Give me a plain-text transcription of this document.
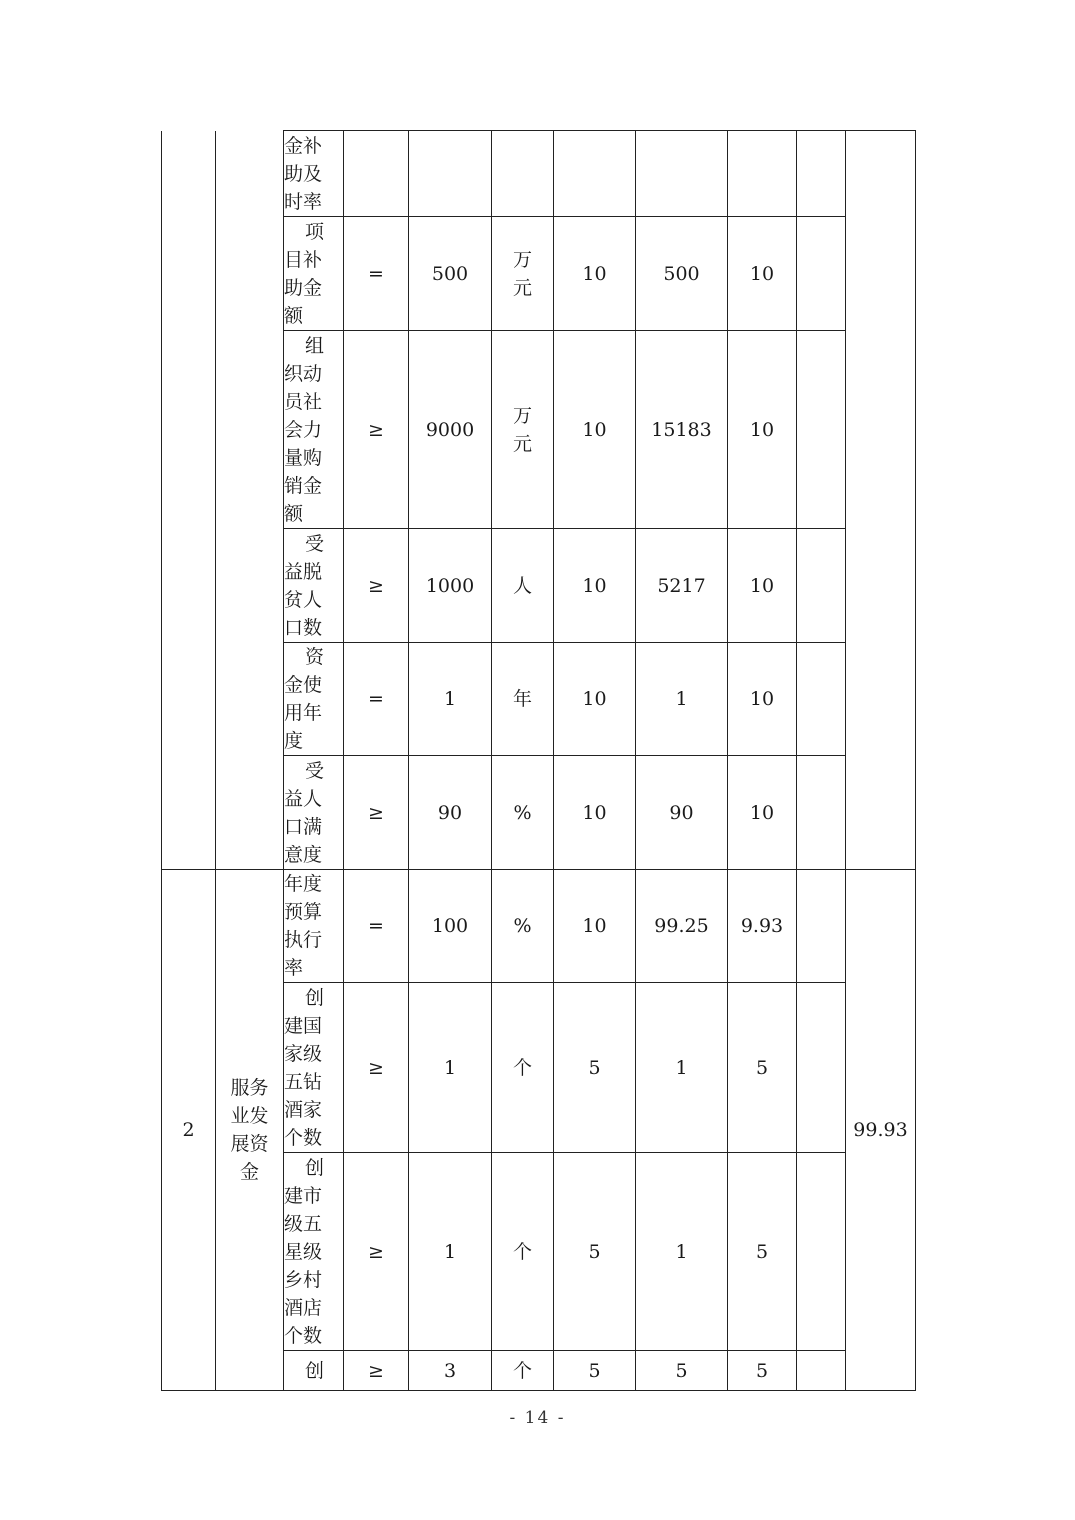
		金补助及时率								

		项目补助金额	=	500	万元	10	500	10		

		组织动员社会力量购销金额	≥	9000	万元	10	15183	10		

		受益脱贫人口数	≥	1000	人	10	5217	10		

		资金使用年度	=	1	年	10	1	10		

		受益人口满意度	≥	90	%	10	90	10		
2	服务业发展资金	年度预算执行率	=	100	%	10	99.25	9.93		99.93

		创建国家级五钻酒家个数	≥	1	个	5	1	5		

		创建市级五星级乡村酒店个数	≥	1	个	5	1	5		

		创	≥	3	个	5	5	5		
- 14 -
